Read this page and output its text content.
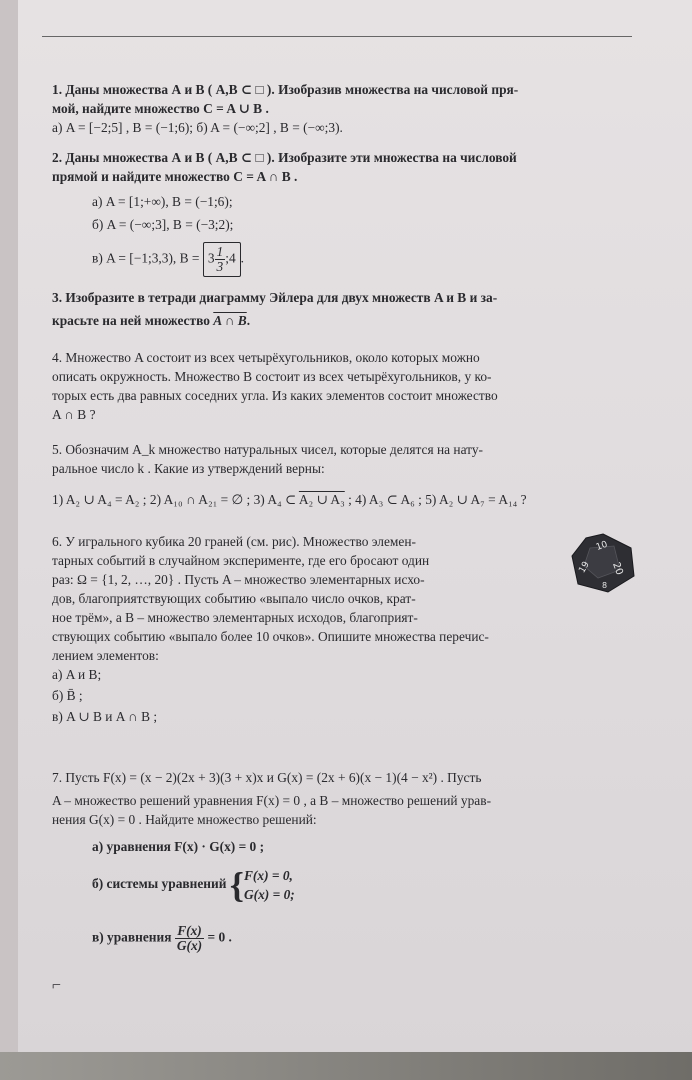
1. Даны множества А и В ( A,B ⊂ □ ). Изобразив множества на числовой пря-
мой, найдите множество C = A ∪ B .
а) A = [−2;5] , B = (−1;6); б) A = (−∞;2] , B = (−∞;3).
2. Даны множества А и В ( A,B ⊂ □ ). Изобразите эти множества на числовой
прямой и найдите множество C = A ∩ B .
а) A = [1;+∞), B = (−1;6);
б) A = (−∞;3], B = (−3;2);
в) A = [−1;3,3), $B = 3 \frac{1}{3}$ ;4 .
3. Изобразите в тетради диаграмму Эйлера для двух множеств A и B и за-
красьте на ней множество A ∩ B.
4. Множество A состоит из всех четырёхугольников, около которых можно
описать окружность. Множество B состоит из всех четырёхугольников, у ко-
торых есть два равных соседних угла. Из каких элементов состоит множество
A ∩ B ?
5. Обозначим A_k множество натуральных чисел, которые делятся на нату-
ральное число k . Какие из утверждений верны:
1) A₂ ∪ A₄ = A₂ ; 2) A₁₀ ∩ A₂₁ = ∅ ; 3) A₄ ⊂ A₂ ∪ A₃ ; 4) A₃ ⊂ A₆ ; 5) A₂ ∪ A₇ = A₁₄ ?
6. У игрального кубика 20 граней (см. рис). Множество элемен-
тарных событий в случайном эксперименте, где его бросают один
раз: Ω = {1, 2, …, 20} . Пусть A – множество элементарных исхо-
дов, благоприятствующих событию «выпало число очков, крат-
ное трём», а B – множество элементарных исходов, благоприят-
ствующих событию «выпало более 10 очков». Опишите множества перечис-
лением элементов:
а) A и B;
б) B̄ ;
в) A ∪ B и A ∩ B ;
10
19 20
8
7. Пусть F(x) = (x − 2)(2x + 3)(3 + x)x и G(x) = (2x + 6)(x − 1)(4 − x²) . Пусть
A – множество решений уравнения F(x) = 0 , а B – множество решений урав-
нения G(x) = 0 . Найдите множество решений:
а) уравнения F(x) · G(x) = 0 ;
б) системы уравнений { F(x) = 0,
G(x) = 0;
в) уравнения $\frac{F(x)}{G(x)} = 0$ .
⌐
